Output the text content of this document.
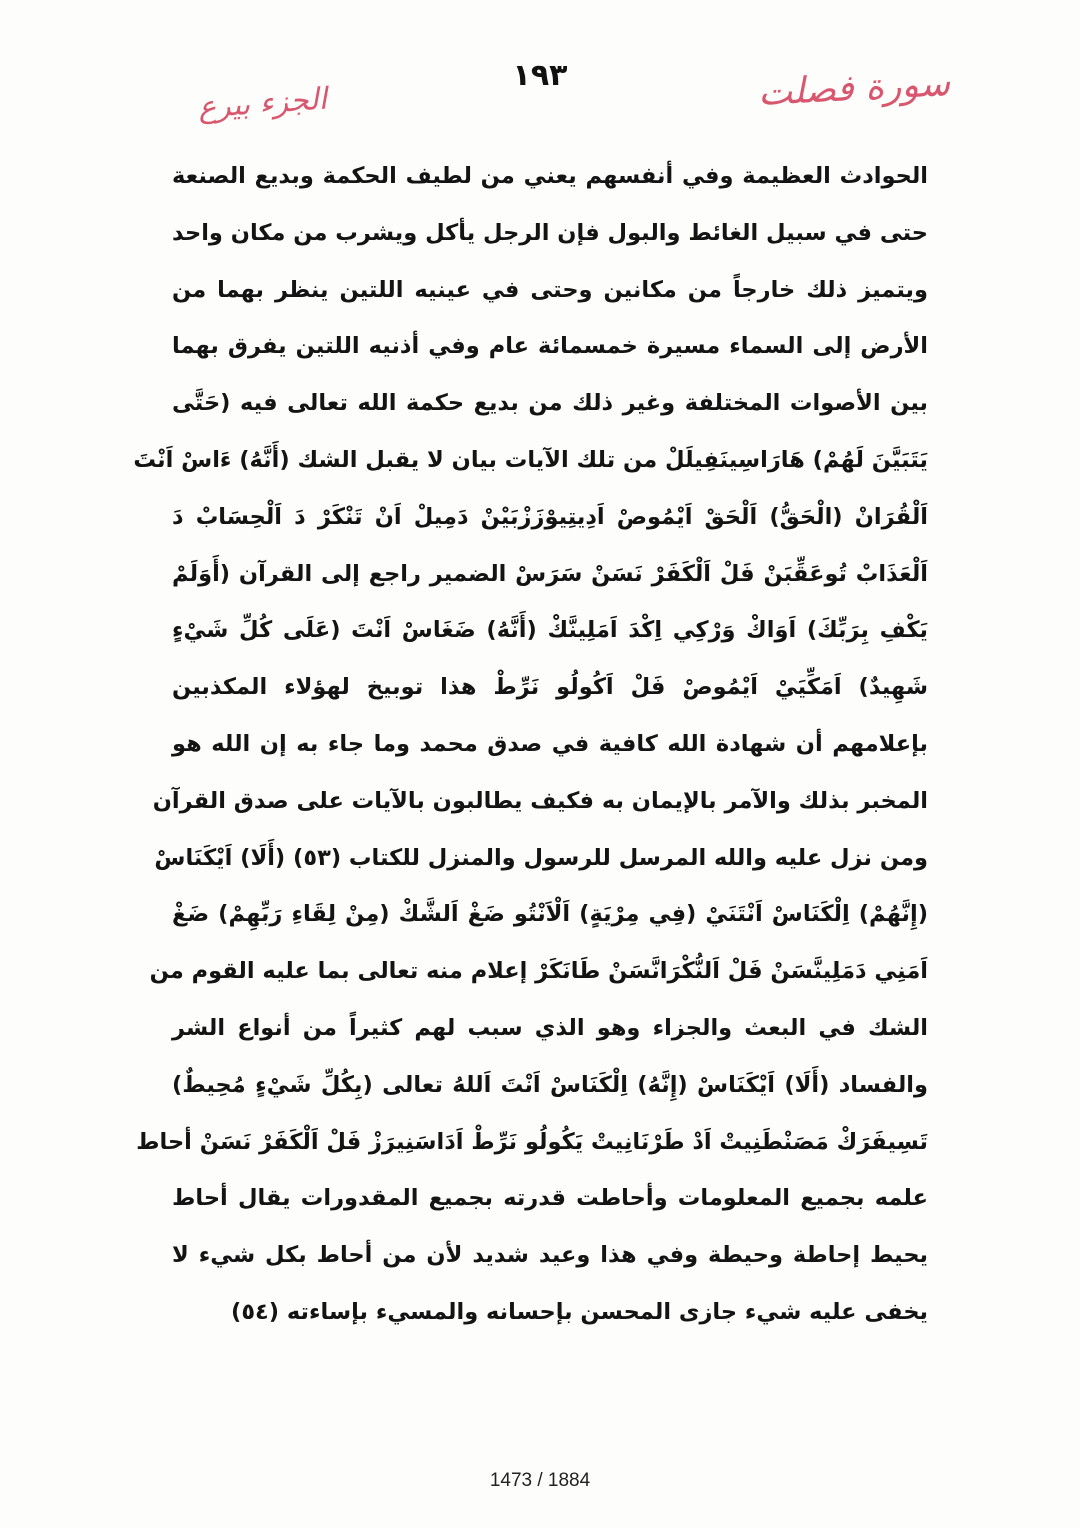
سورة فصلت
الجزء بيرع
١٩٣
الحوادث العظيمة وفي أنفسهم يعني من لطيف الحكمة وبديع الصنعة
حتى في سبيل الغائط والبول فإن الرجل يأكل ويشرب من مكان واحد
ويتميز ذلك خارجاً من مكانين وحتى في عينيه اللتين ينظر بهما من
الأرض إلى السماء مسيرة خمسمائة عام وفي أذنيه اللتين يفرق بهما
بين الأصوات المختلفة وغير ذلك من بديع حكمة الله تعالى فيه (حَتَّى
يَتَبَيَّنَ لَهُمْ) هَارَاسِينَفِيلَلْ من تلك الآيات بيان لا يقبل الشك (أَنَّهُ) ءَاسْ اَنْتَ
اَلْقُرَانْ (الْحَقُّ) اَلْحَقْ اَيْمُوصْ اَدِيتِيوْزَزْبَيْنْ دَمِيلْ اَنْ تَنْكَرْ دَ اَلْحِسَابْ دَ
اَلْعَذَابْ تُوعَقِّبَنْ فَلْ اَلْكَفَرْ نَسَنْ سَرَسْ الضمير راجع إلى القرآن (أَوَلَمْ
يَكْفِ بِرَبِّكَ) اَوَاكْ وَرْكِي اِكْدَ اَمَلِينَّكْ (أَنَّهُ) ضَغَاسْ اَنْتَ (عَلَى كُلِّ شَيْءٍ
شَهِيدٌ) اَمَكِّيَيْ اَيْمُوصْ فَلْ اَكُولُو نَرِّطْ هذا توبيخ لهؤلاء المكذبين
بإعلامهم أن شهادة الله كافية في صدق محمد وما جاء به إن الله هو
المخبر بذلك والآمر بالإيمان به فكيف يطالبون بالآيات على صدق القرآن
ومن نزل عليه والله المرسل للرسول والمنزل للكتاب (٥٣) (أَلَا) اَيْكَنَاسْ
(إِنَّهُمْ) اِلْكَنَاسْ اَنْتَنَيْ (فِي مِرْيَةٍ) اَلْاَنْتُو ضَغْ اَلشَّكْ (مِنْ لِقَاءِ رَبِّهِمْ) ضَغْ
اَمَنِي دَمَلِينَّسَنْ فَلْ اَلنُّكْرَانَّسَنْ طَانَكَرْ إعلام منه تعالى بما عليه القوم من
الشك في البعث والجزاء وهو الذي سبب لهم كثيراً من أنواع الشر
والفساد (أَلَا) اَيْكَنَاسْ (إِنَّهُ) اِلْكَنَاسْ اَنْتَ اَللهُ تعالى (بِكُلِّ شَيْءٍ مُحِيطٌ)
تَسِيفَرَكْ مَصَنْطَنِيتْ اَدْ طَرْنَانِيتْ يَكُولُو نَرِّطْ اَدَاسَنِيرَزْ فَلْ اَلْكَفَرْ نَسَنْ أحاط
علمه بجميع المعلومات وأحاطت قدرته بجميع المقدورات يقال أحاط
يحيط إحاطة وحيطة وفي هذا وعيد شديد لأن من أحاط بكل شيء لا
يخفى عليه شيء جازى المحسن بإحسانه والمسيء بإساءته (٥٤)
1473 / 1884
